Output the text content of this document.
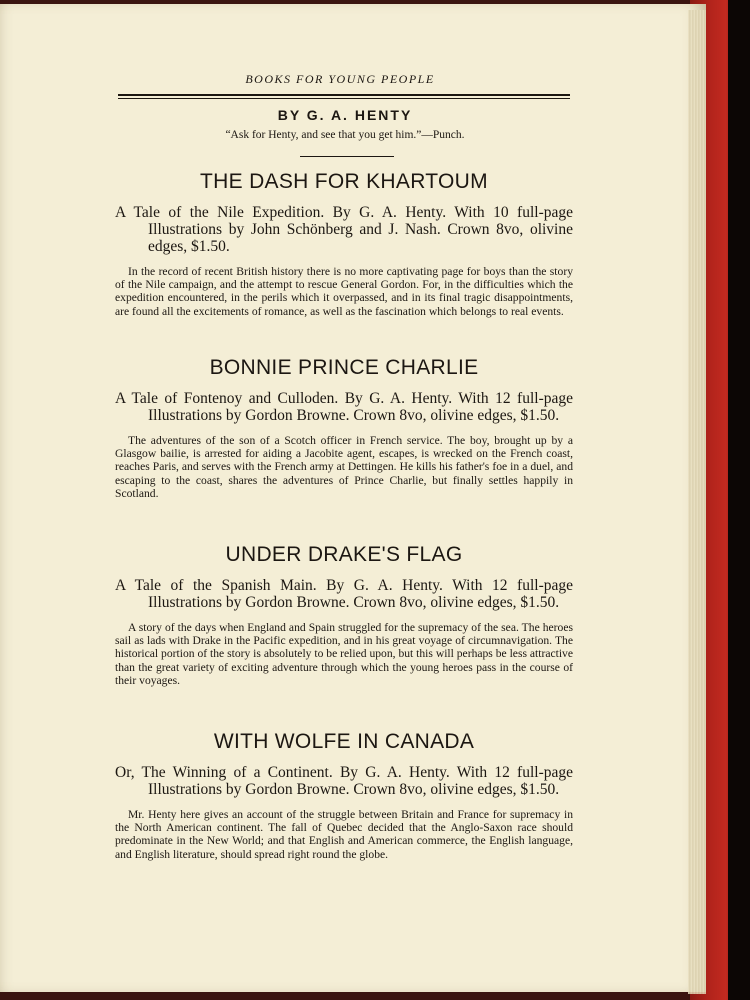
BOOKS FOR YOUNG PEOPLE
BY G. A. HENTY
“Ask for Henty, and see that you get him.”—Punch.
THE DASH FOR KHARTOUM
A Tale of the Nile Expedition. By G. A. Henty. With 10 full-page Illustrations by John Schönberg and J. Nash. Crown 8vo, olivine edges, $1.50.
In the record of recent British history there is no more captivating page for boys than the story of the Nile campaign, and the attempt to rescue General Gordon. For, in the difficulties which the expedition encountered, in the perils which it overpassed, and in its final tragic disappointments, are found all the excitements of romance, as well as the fascination which belongs to real events.
BONNIE PRINCE CHARLIE
A Tale of Fontenoy and Culloden. By G. A. Henty. With 12 full-page Illustrations by Gordon Browne. Crown 8vo, olivine edges, $1.50.
The adventures of the son of a Scotch officer in French service. The boy, brought up by a Glasgow bailie, is arrested for aiding a Jacobite agent, escapes, is wrecked on the French coast, reaches Paris, and serves with the French army at Dettingen. He kills his father's foe in a duel, and escaping to the coast, shares the adventures of Prince Charlie, but finally settles happily in Scotland.
UNDER DRAKE'S FLAG
A Tale of the Spanish Main. By G. A. Henty. With 12 full-page Illustrations by Gordon Browne. Crown 8vo, olivine edges, $1.50.
A story of the days when England and Spain struggled for the supremacy of the sea. The heroes sail as lads with Drake in the Pacific expedition, and in his great voyage of circumnavigation. The historical portion of the story is absolutely to be relied upon, but this will perhaps be less attractive than the great variety of exciting adventure through which the young heroes pass in the course of their voyages.
WITH WOLFE IN CANADA
Or, The Winning of a Continent. By G. A. Henty. With 12 full-page Illustrations by Gordon Browne. Crown 8vo, olivine edges, $1.50.
Mr. Henty here gives an account of the struggle between Britain and France for supremacy in the North American continent. The fall of Quebec decided that the Anglo-Saxon race should predominate in the New World; and that English and American commerce, the English language, and English literature, should spread right round the globe.
